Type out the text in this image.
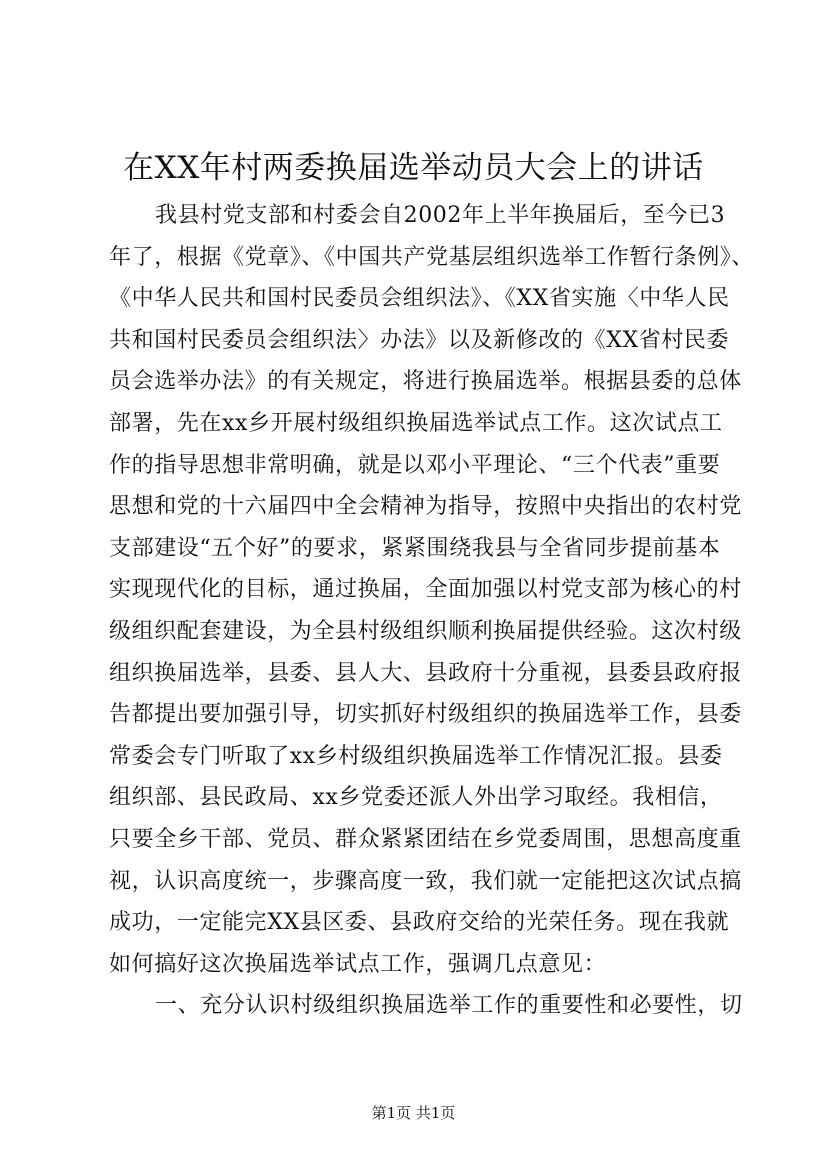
在XX年村两委换届选举动员大会上的讲话
我县村党支部和村委会自2002年上半年换届后，至今已3
年了，根据《党章》、《中国共产党基层组织选举工作暂行条例》、
《中华人民共和国村民委员会组织法》、《XX省实施〈中华人民
共和国村民委员会组织法〉办法》以及新修改的《XX省村民委
员会选举办法》的有关规定，将进行换届选举。根据县委的总体
部署，先在xx乡开展村级组织换届选举试点工作。这次试点工
作的指导思想非常明确，就是以邓小平理论、“三个代表”重要
思想和党的十六届四中全会精神为指导，按照中央指出的农村党
支部建设“五个好”的要求，紧紧围绕我县与全省同步提前基本
实现现代化的目标，通过换届，全面加强以村党支部为核心的村
级组织配套建设，为全县村级组织顺利换届提供经验。这次村级
组织换届选举，县委、县人大、县政府十分重视，县委县政府报
告都提出要加强引导，切实抓好村级组织的换届选举工作，县委
常委会专门听取了xx乡村级组织换届选举工作情况汇报。县委
组织部、县民政局、xx乡党委还派人外出学习取经。我相信，
只要全乡干部、党员、群众紧紧团结在乡党委周围，思想高度重
视，认识高度统一，步骤高度一致，我们就一定能把这次试点搞
成功，一定能完XX县区委、县政府交给的光荣任务。现在我就
如何搞好这次换届选举试点工作，强调几点意见：
一、充分认识村级组织换届选举工作的重要性和必要性，切
第1页 共1页
